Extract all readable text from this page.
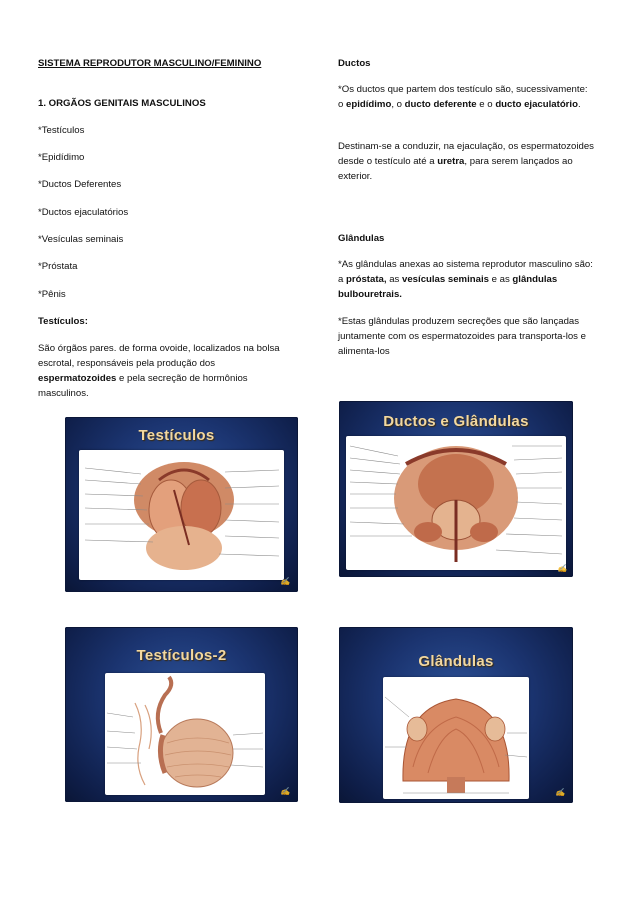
SISTEMA REPRODUTOR MASCULINO/FEMININO

1. ORGÃOS GENITAIS MASCULINOS

*Testículos

*Epidídimo

*Ductos Deferentes

*Ductos ejaculatórios

*Vesículas seminais

*Próstata

*Pênis

Testículos:

São órgãos pares. de forma ovoide, localizados na bolsa escrotal, responsáveis pela produção dos espermatozoides e pela secreção de hormônios masculinos.

Ductos

*Os ductos que partem dos testículo são, sucessivamente: o epidídimo, o ducto deferente e o ducto ejaculatório.

Destinam-se a conduzir, na ejaculação, os espermatozoides desde o testículo até a uretra, para serem lançados ao exterior.

Glândulas

*As glândulas anexas ao sistema reprodutor masculino são: a próstata, as vesículas seminais e as glândulas bulbouretrais.

*Estas glândulas produzem secreções que são lançadas juntamente com os espermatozoides para transporta-los e alimenta-los

Testículos
✍
Ductos e Glândulas
✍
Testículos-2
✍
Glândulas
✍
